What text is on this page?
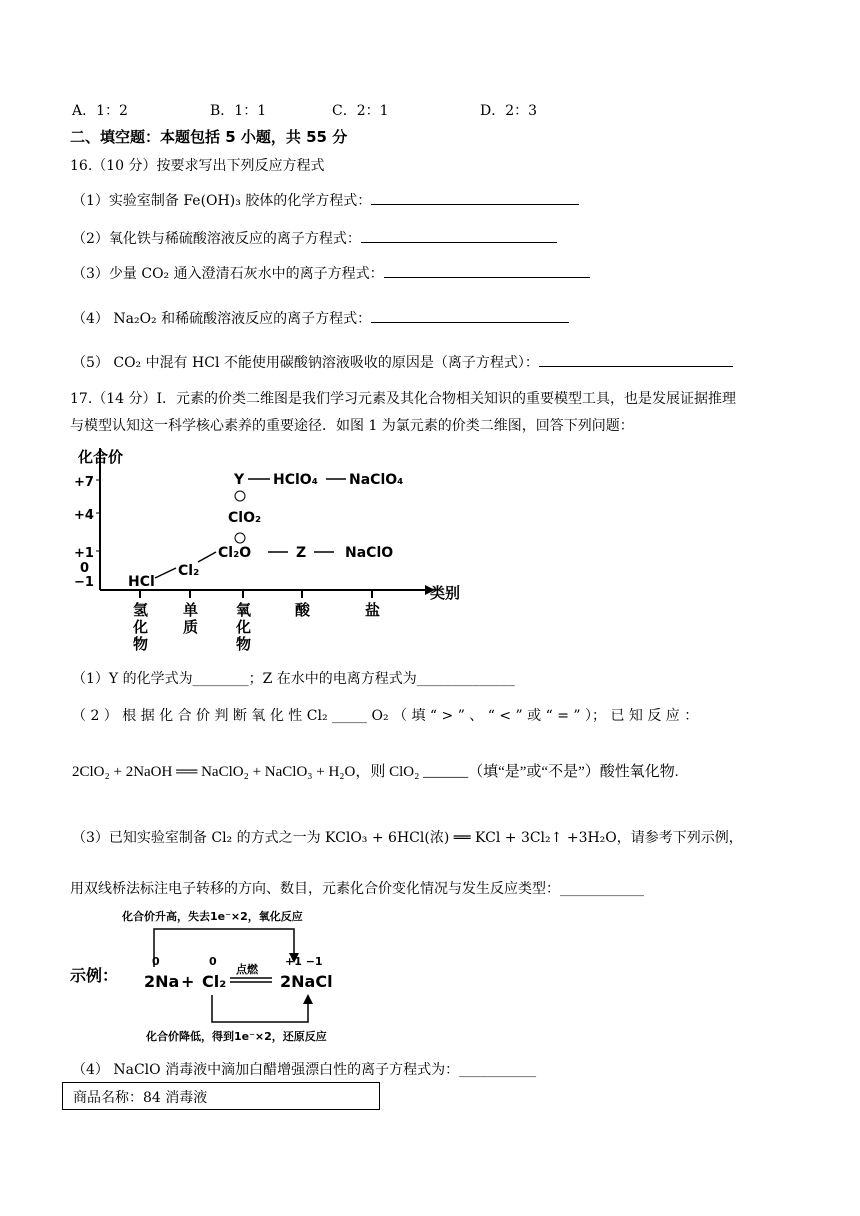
A．1：2	B．1：1	C．2：1	D．2：3
二、填空题：本题包括 5 小题，共 55 分
16.（10 分）按要求写出下列反应方程式
（1）实验室制备 Fe(OH)₃ 胶体的化学方程式：
（2）氧化铁与稀硫酸溶液反应的离子方程式：
（3）少量 CO₂ 通入澄清石灰水中的离子方程式：
（4） Na₂O₂ 和稀硫酸溶液反应的离子方程式：
（5） CO₂ 中混有 HCl 不能使用碳酸钠溶液吸收的原因是（离子方程式）：
17.（14 分）I．元素的价类二维图是我们学习元素及其化合物相关知识的重要模型工具，也是发展证据推理
与模型认知这一科学核心素养的重要途径．如图 1 为氯元素的价类二维图，回答下列问题：
化合价
类别
+7
+4
+1
0
−1
氢
化
物
单
质
氧
化
物
酸	盐
Y HClO₄ NaClO₄
ClO₂
Cl₂O	Z	NaClO
Cl₂
HCl
（1）Y 的化学式为________；Z 在水中的电离方程式为______________
（ 2 ） 根 据 化 合 价 判 断 氧 化 性 Cl₂ _____ O₂ （ 填 “ > ” 、 “ < ” 或 “ = ” ）； 已 知 反 应 ：
2ClO₂ + 2NaOH ══ NaClO₂ + NaClO₃ + H₂O，则 ClO₂ ______（填“是”或“不是”）酸性氧化物.
（3）已知实验室制备 Cl₂ 的方式之一为 KClO₃ + 6HCl(浓) ══ KCl + 3Cl₂↑ +3H₂O，请参考下列示例，
用双线桥法标注电子转移的方向、数目，元素化合价变化情况与发生反应类型：____________
化合价升高，失去1e⁻×2，氧化反应
示例：
0	0	+1 −1
2Na + Cl₂
点燃
2NaCl
化合价降低，得到1e⁻×2，还原反应
（4） NaClO 消毒液中滴加白醋增强漂白性的离子方程式为：___________
商品名称：84 消毒液
